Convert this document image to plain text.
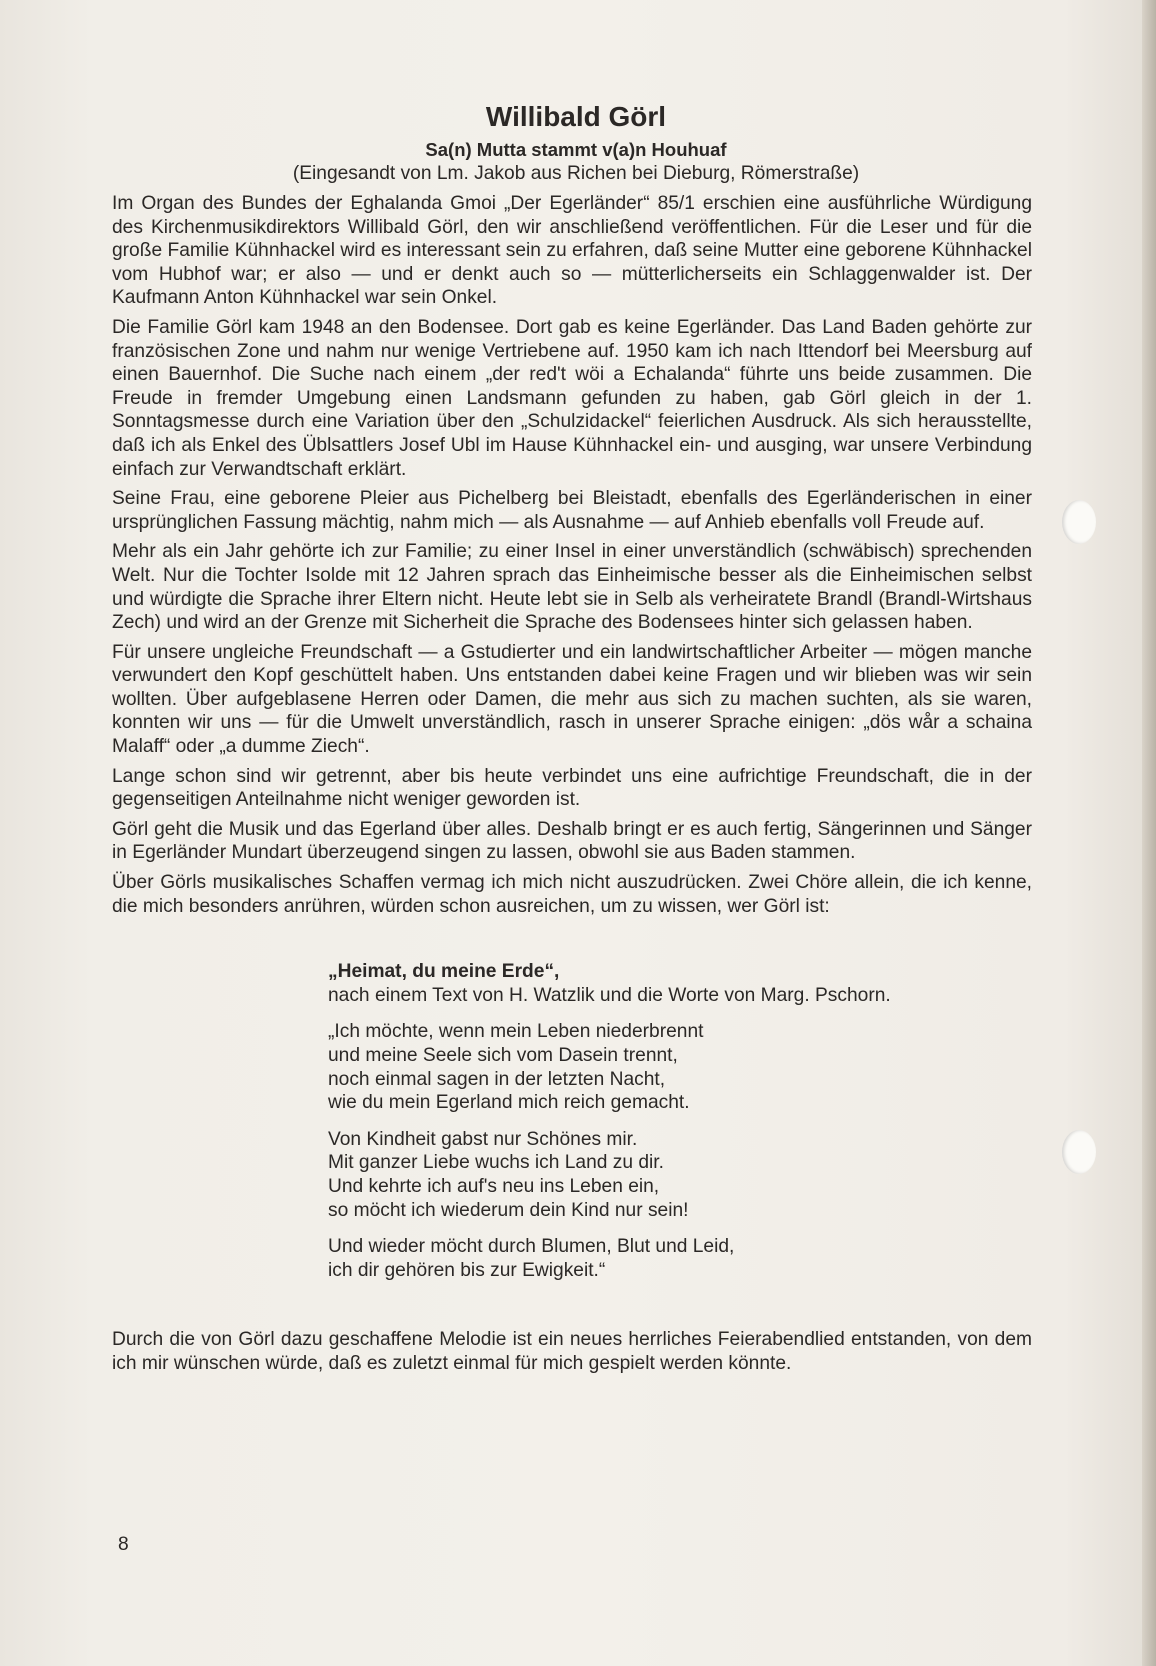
Willibald Görl
Sa(n) Mutta stammt v(a)n Houhuaf
(Eingesandt von Lm. Jakob aus Richen bei Dieburg, Römerstraße)

Im Organ des Bundes der Eghalanda Gmoi „Der Egerländer“ 85/1 erschien eine ausführliche Würdigung des Kirchenmusikdirektors Willibald Görl, den wir anschließend veröffentlichen. Für die Leser und für die große Familie Kühnhackel wird es interessant sein zu erfahren, daß seine Mutter eine geborene Kühnhackel vom Hubhof war; er also — und er denkt auch so — mütterlicherseits ein Schlaggenwalder ist. Der Kaufmann Anton Kühnhackel war sein Onkel.

Die Familie Görl kam 1948 an den Bodensee. Dort gab es keine Egerländer. Das Land Baden gehörte zur französischen Zone und nahm nur wenige Vertriebene auf. 1950 kam ich nach Ittendorf bei Meersburg auf einen Bauernhof. Die Suche nach einem „der red't wöi a Echalanda“ führte uns beide zusammen. Die Freude in fremder Umgebung einen Landsmann gefunden zu haben, gab Görl gleich in der 1. Sonntagsmesse durch eine Variation über den „Schulzidackel“ feierlichen Ausdruck. Als sich herausstellte, daß ich als Enkel des Üblsattlers Josef Ubl im Hause Kühnhackel ein- und ausging, war unsere Verbindung einfach zur Verwandtschaft erklärt.

Seine Frau, eine geborene Pleier aus Pichelberg bei Bleistadt, ebenfalls des Egerländerischen in einer ursprünglichen Fassung mächtig, nahm mich — als Ausnahme — auf Anhieb ebenfalls voll Freude auf.

Mehr als ein Jahr gehörte ich zur Familie; zu einer Insel in einer unverständlich (schwäbisch) sprechenden Welt. Nur die Tochter Isolde mit 12 Jahren sprach das Einheimische besser als die Einheimischen selbst und würdigte die Sprache ihrer Eltern nicht. Heute lebt sie in Selb als verheiratete Brandl (Brandl-Wirtshaus Zech) und wird an der Grenze mit Sicherheit die Sprache des Bodensees hinter sich gelassen haben.

Für unsere ungleiche Freundschaft — a Gstudierter und ein landwirtschaftlicher Arbeiter — mögen manche verwundert den Kopf geschüttelt haben. Uns entstanden dabei keine Fragen und wir blieben was wir sein wollten. Über aufgeblasene Herren oder Damen, die mehr aus sich zu machen suchten, als sie waren, konnten wir uns — für die Umwelt unverständlich, rasch in unserer Sprache einigen: „dös wår a schaina Malaff“ oder „a dumme Ziech“.

Lange schon sind wir getrennt, aber bis heute verbindet uns eine aufrichtige Freundschaft, die in der gegenseitigen Anteilnahme nicht weniger geworden ist.

Görl geht die Musik und das Egerland über alles. Deshalb bringt er es auch fertig, Sängerinnen und Sänger in Egerländer Mundart überzeugend singen zu lassen, obwohl sie aus Baden stammen.

Über Görls musikalisches Schaffen vermag ich mich nicht auszudrücken. Zwei Chöre allein, die ich kenne, die mich besonders anrühren, würden schon ausreichen, um zu wissen, wer Görl ist:

„Heimat, du meine Erde“,
nach einem Text von H. Watzlik und die Worte von Marg. Pschorn.
„Ich möchte, wenn mein Leben niederbrennt
und meine Seele sich vom Dasein trennt,
noch einmal sagen in der letzten Nacht,
wie du mein Egerland mich reich gemacht.
Von Kindheit gabst nur Schönes mir.
Mit ganzer Liebe wuchs ich Land zu dir.
Und kehrte ich auf's neu ins Leben ein,
so möcht ich wiederum dein Kind nur sein!
Und wieder möcht durch Blumen, Blut und Leid,
ich dir gehören bis zur Ewigkeit.“

Durch die von Görl dazu geschaffene Melodie ist ein neues herrliches Feierabendlied entstanden, von dem ich mir wünschen würde, daß es zuletzt einmal für mich gespielt werden könnte.

8
